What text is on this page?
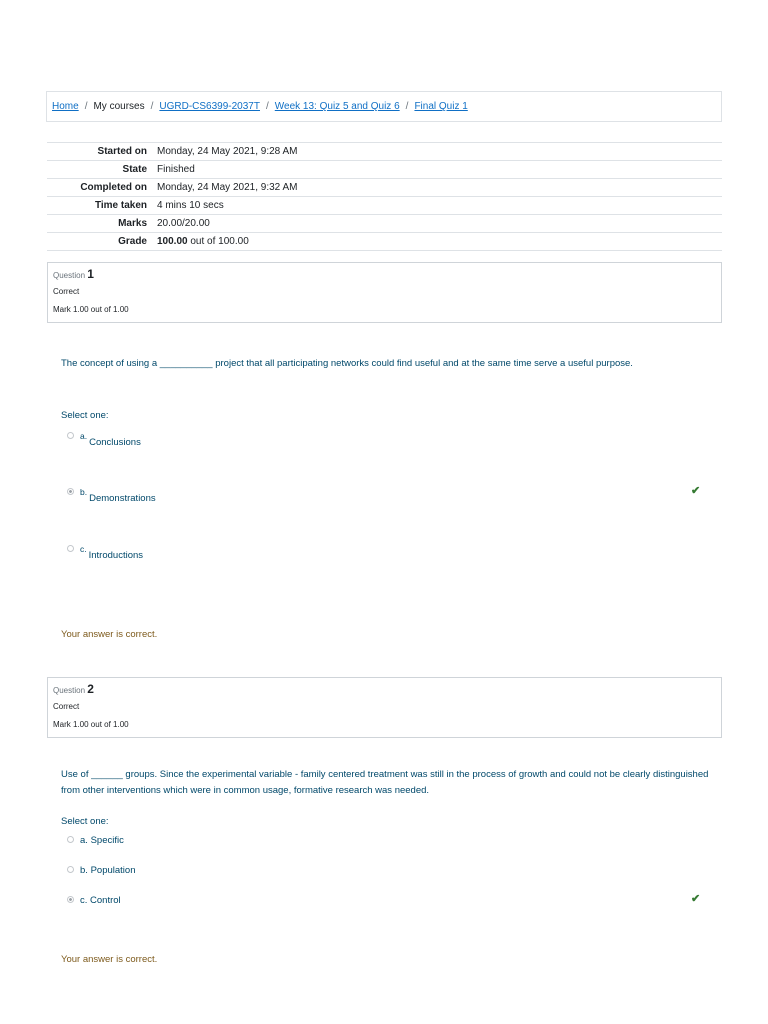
Home / My courses / UGRD-CS6399-2037T / Week 13: Quiz 5 and Quiz 6 / Final Quiz 1
Started on	Monday, 24 May 2021, 9:28 AM
State	Finished
Completed on	Monday, 24 May 2021, 9:32 AM
Time taken	4 mins 10 secs
Marks	20.00/20.00
Grade	100.00 out of 100.00
Question 1
Correct
Mark 1.00 out of 1.00
The concept of using a __________ project that all participating networks could find useful and at the same time serve a useful purpose.
Select one:
a.
Conclusions
b.
Demonstrations
✔
c.
Introductions
Your answer is correct.
Question 2
Correct
Mark 1.00 out of 1.00
Use of ______ groups. Since the experimental variable - family centered treatment was still in the process of growth and could not be clearly distinguished from other interventions which were in common usage, formative research was needed.
Select one:
a.
Specific
b.
Population
c.
Control	✔
Your answer is correct.
